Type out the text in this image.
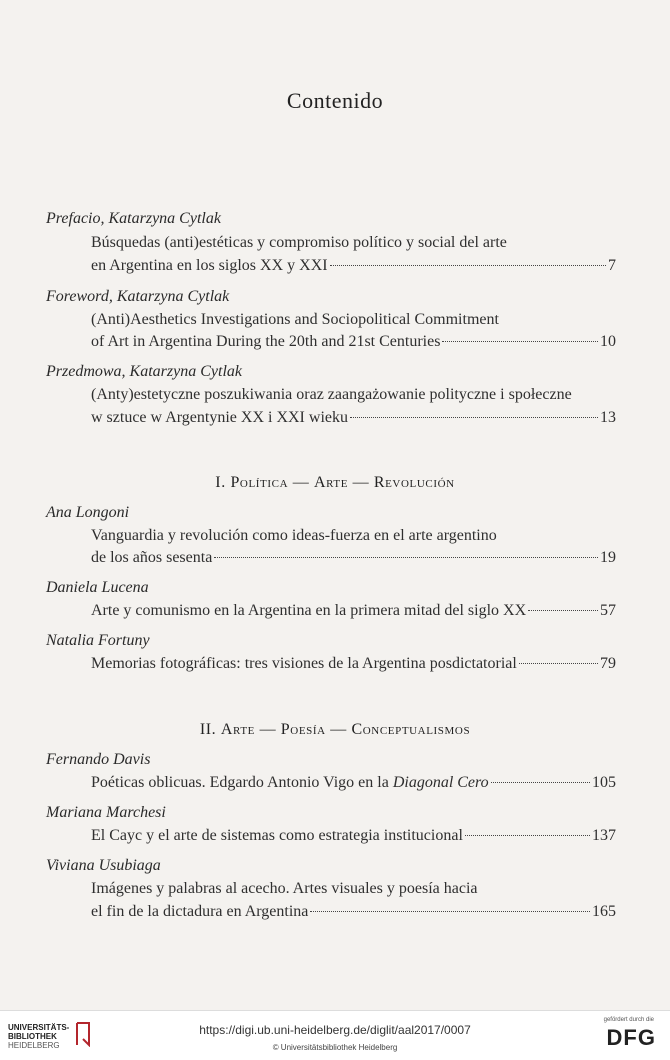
Contenido
Prefacio, Katarzyna Cytlak
Búsquedas (anti)estéticas y compromiso político y social del arte
en Argentina en los siglos XX y XXI	7
Foreword, Katarzyna Cytlak
(Anti)Aesthetics Investigations and Sociopolitical Commitment
of Art in Argentina During the 20th and 21st Centuries	10
Przedmowa, Katarzyna Cytlak
(Anty)estetyczne poszukiwania oraz zaangażowanie polityczne i społeczne
w sztuce w Argentynie XX i XXI wieku	13
I. Política — Arte — Revolución
Ana Longoni
Vanguardia y revolución como ideas-fuerza en el arte argentino
de los años sesenta	19
Daniela Lucena
Arte y comunismo en la Argentina en la primera mitad del siglo XX	57
Natalia Fortuny
Memorias fotográficas: tres visiones de la Argentina posdictatorial	79
II. Arte — Poesía — Conceptualismos
Fernando Davis
Poéticas oblicuas. Edgardo Antonio Vigo en la Diagonal Cero	105
Mariana Marchesi
El Cayc y el arte de sistemas como estrategia institucional	137
Viviana Usubiaga
Imágenes y palabras al acecho. Artes visuales y poesía hacia
el fin de la dictadura en Argentina	165
UNIVERSITÄTS-
BIBLIOTHEK
HEIDELBERG
https://digi.ub.uni-heidelberg.de/diglit/aal2017/0007
© Universitätsbibliothek Heidelberg
gefördert durch die
DFG
